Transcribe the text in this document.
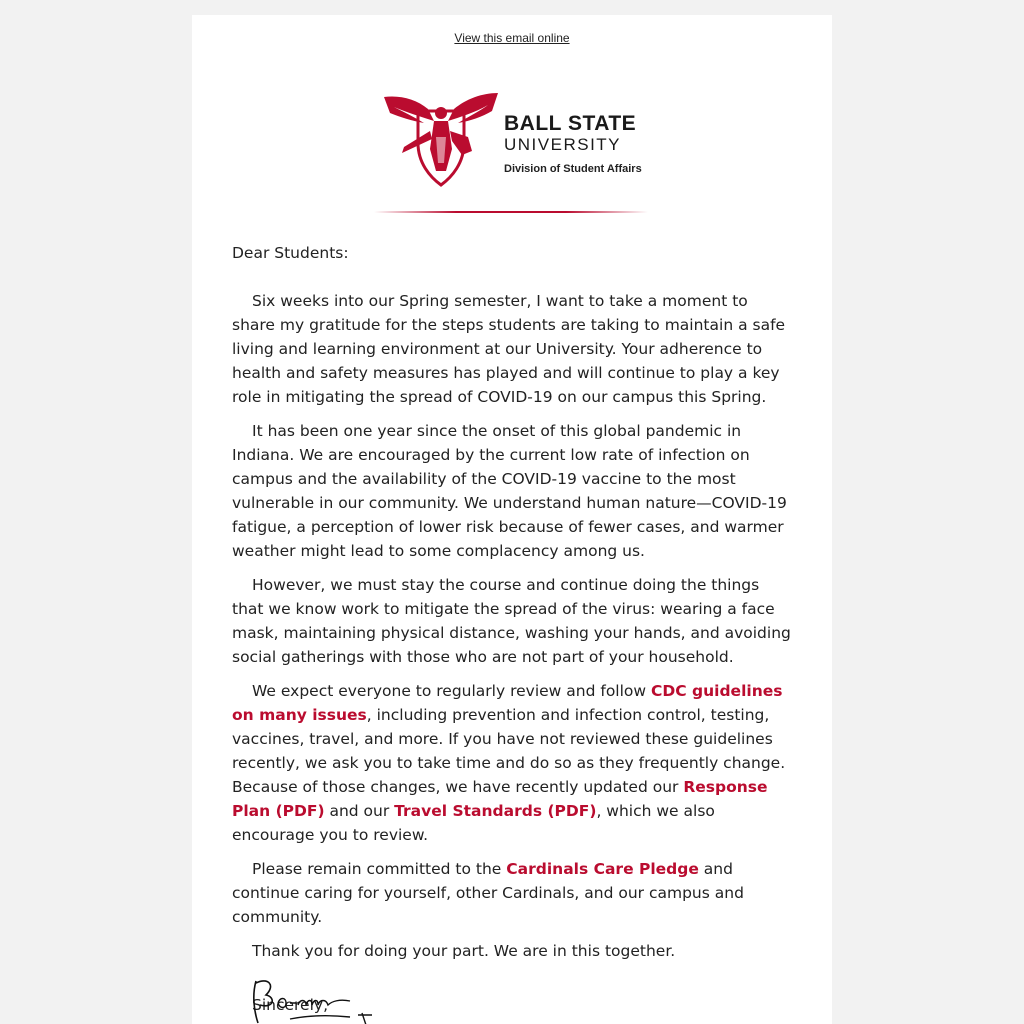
View this email online
BALL STATE
UNIVERSITY
Division of Student Affairs

Dear Students:

Six weeks into our Spring semester, I want to take a moment to share my gratitude for the steps students are taking to maintain a safe living and learning environment at our University. Your adherence to health and safety measures has played and will continue to play a key role in mitigating the spread of COVID-19 on our campus this Spring.

It has been one year since the onset of this global pandemic in Indiana. We are encouraged by the current low rate of infection on campus and the availability of the COVID-19 vaccine to the most vulnerable in our community. We understand human nature—COVID-19 fatigue, a perception of lower risk because of fewer cases, and warmer weather might lead to some complacency among us.

However, we must stay the course and continue doing the things that we know work to mitigate the spread of the virus: wearing a face mask, maintaining physical distance, washing your hands, and avoiding social gatherings with those who are not part of your household.

We expect everyone to regularly review and follow CDC guidelines on many issues, including prevention and infection control, testing, vaccines, travel, and more. If you have not reviewed these guidelines recently, we ask you to take time and do so as they frequently change. Because of those changes, we have recently updated our Response Plan (PDF) and our Travel Standards (PDF), which we also encourage you to review.

Please remain committed to the Cardinals Care Pledge and continue caring for yourself, other Cardinals, and our campus and community.

Thank you for doing your part. We are in this together.

Sincerely,
